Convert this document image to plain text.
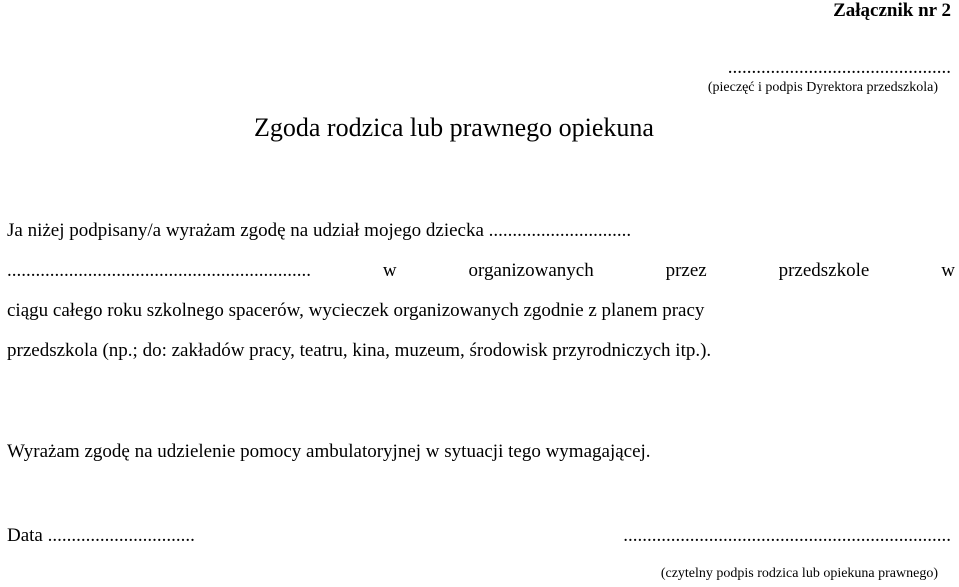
Załącznik nr 2
...............................................
(pieczęć i podpis Dyrektora przedszkola)
Zgoda rodzica lub prawnego opiekuna
Ja niżej podpisany/a wyrażam zgodę na udział mojego dziecka ..............................
................................................................	w	organizowanych	przez	przedszkole	w
ciągu całego roku szkolnego spacerów, wycieczek organizowanych zgodnie z planem pracy
przedszkola (np.; do: zakładów pracy, teatru, kina, muzeum, środowisk przyrodniczych itp.).
Wyrażam zgodę na udzielenie pomocy ambulatoryjnej w sytuacji tego wymagającej.
Data ...............................	.....................................................................
(czytelny podpis rodzica lub opiekuna prawnego)
